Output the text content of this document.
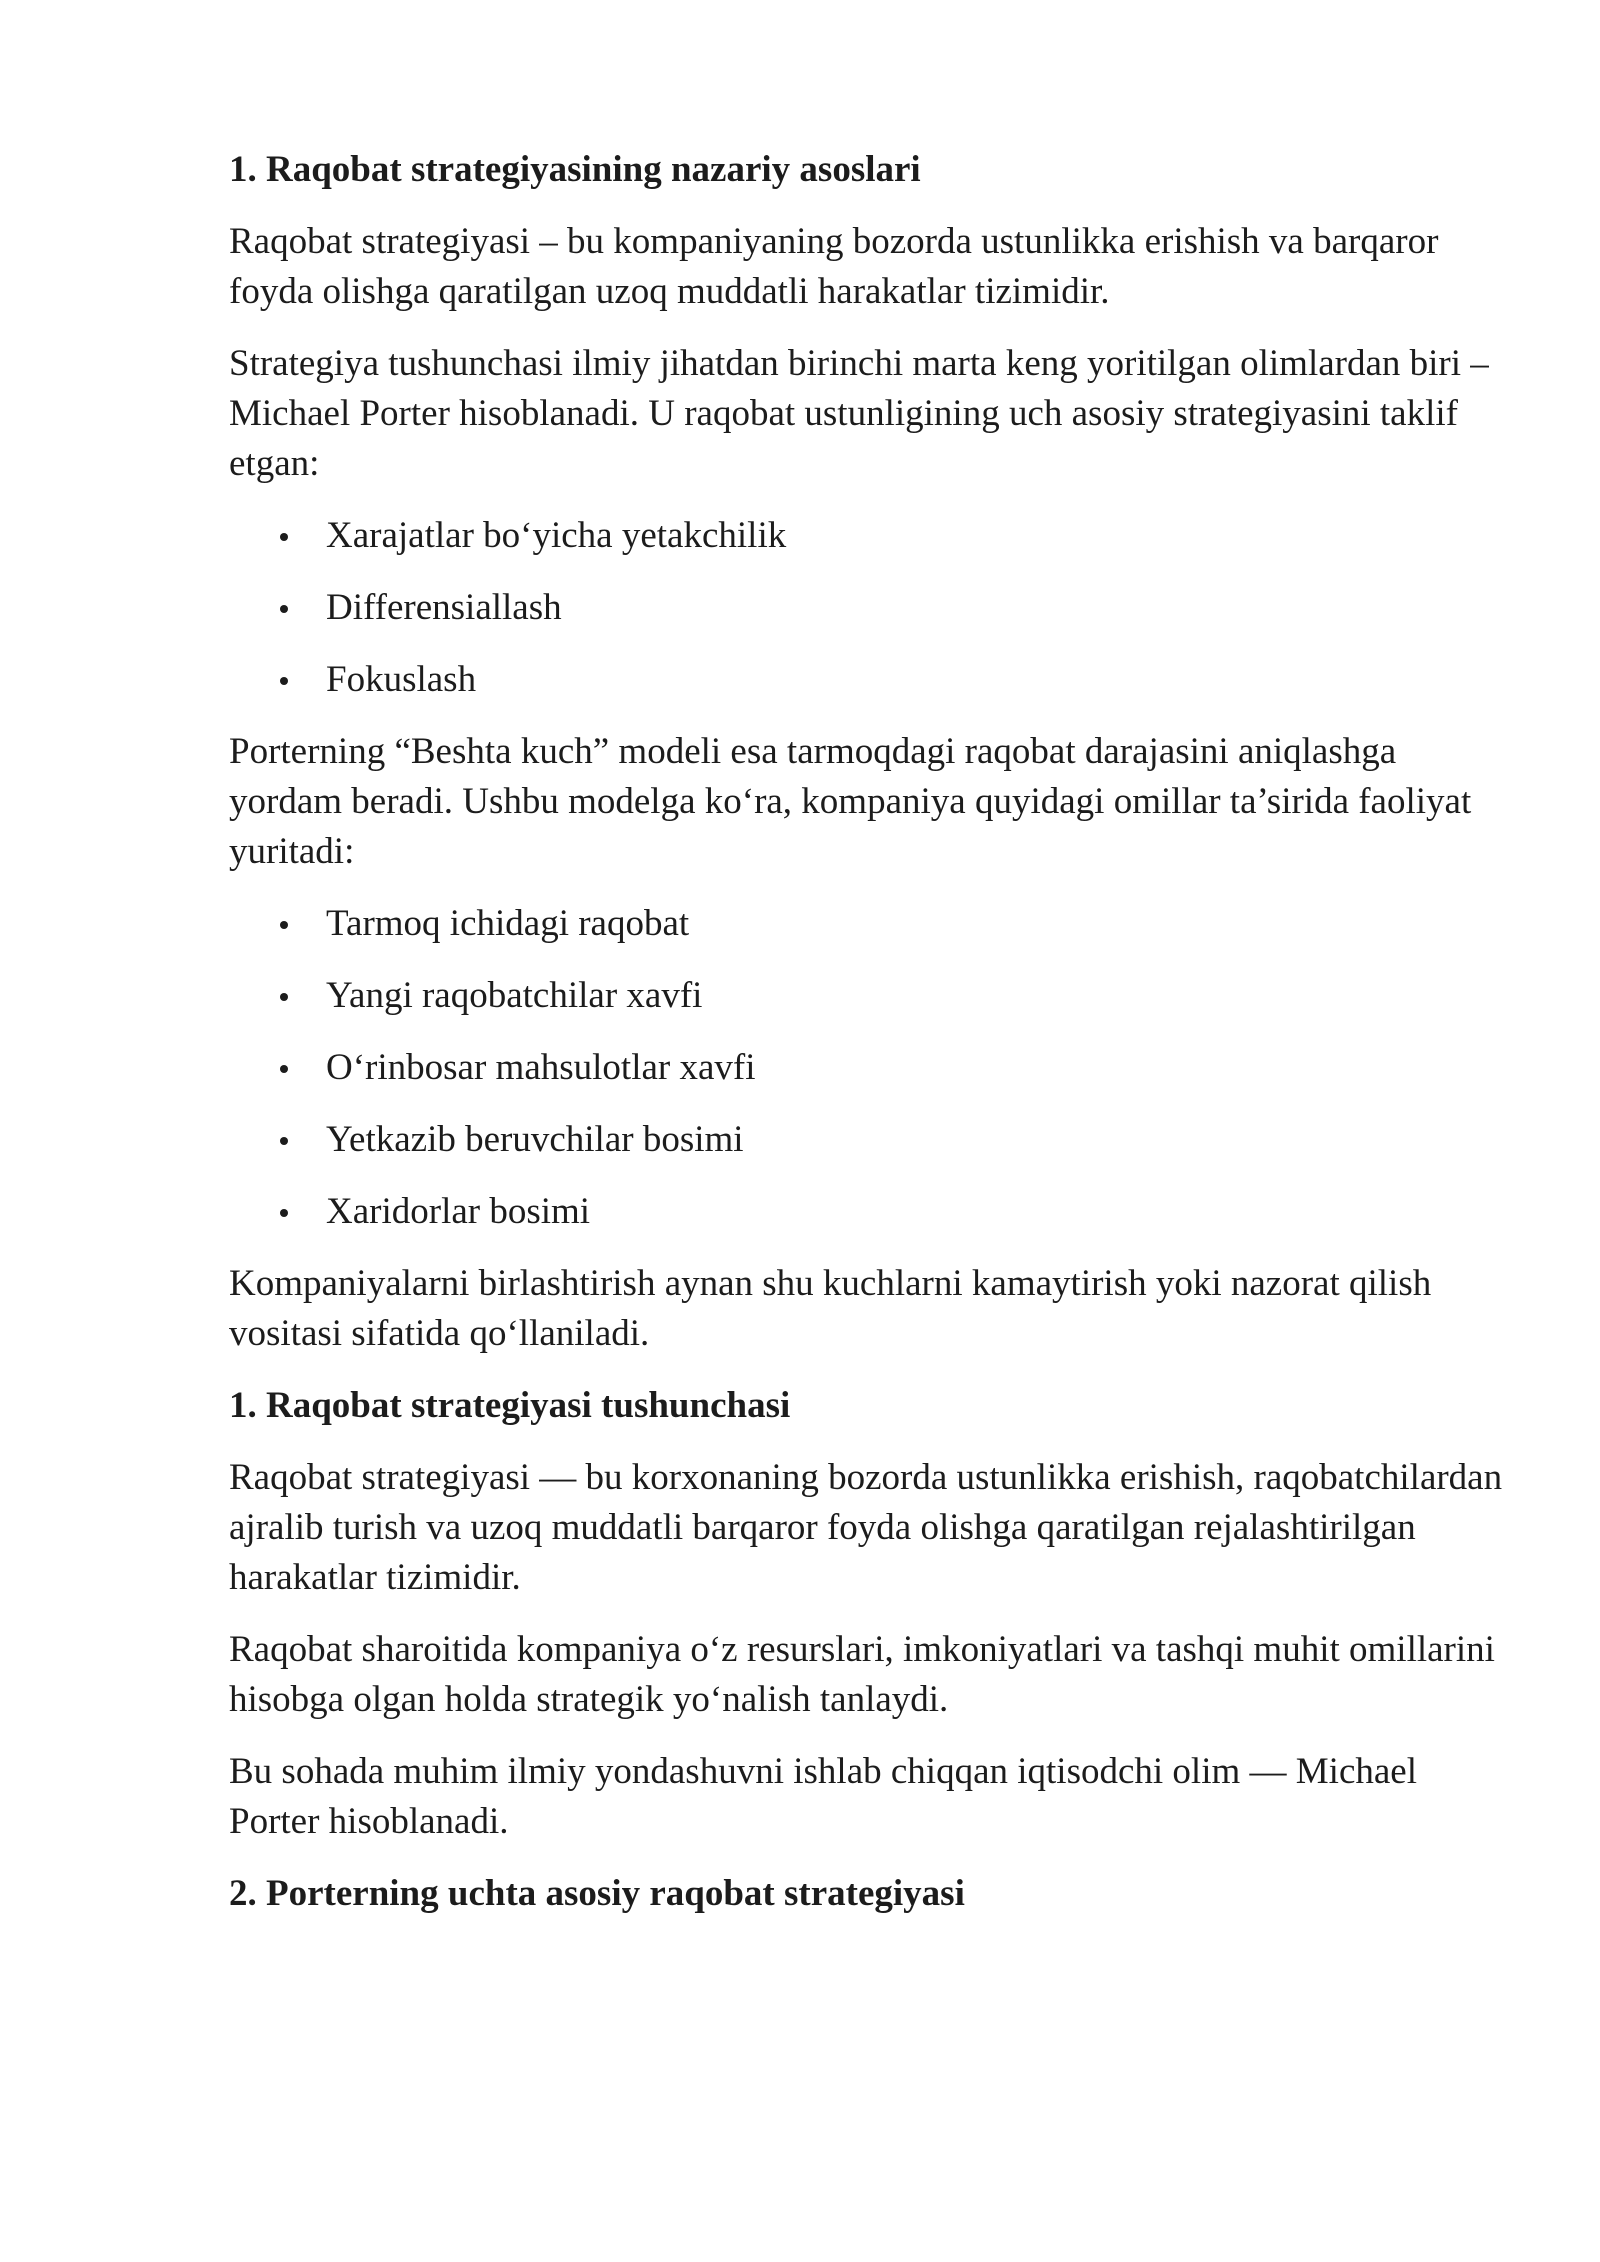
1. Raqobat strategiyasining nazariy asoslari
Raqobat strategiyasi – bu kompaniyaning bozorda ustunlikka erishish va barqaror foyda olishga qaratilgan uzoq muddatli harakatlar tizimidir.
Strategiya tushunchasi ilmiy jihatdan birinchi marta keng yoritilgan olimlardan biri – Michael Porter hisoblanadi. U raqobat ustunligining uch asosiy strategiyasini taklif etgan:
Xarajatlar bo‘yicha yetakchilik
Differensiallash
Fokuslash
Porterning “Beshta kuch” modeli esa tarmoqdagi raqobat darajasini aniqlashga yordam beradi. Ushbu modelga ko‘ra, kompaniya quyidagi omillar ta’sirida faoliyat yuritadi:
Tarmoq ichidagi raqobat
Yangi raqobatchilar xavfi
O‘rinbosar mahsulotlar xavfi
Yetkazib beruvchilar bosimi
Xaridorlar bosimi
Kompaniyalarni birlashtirish aynan shu kuchlarni kamaytirish yoki nazorat qilish vositasi sifatida qo‘llaniladi.
1. Raqobat strategiyasi tushunchasi
Raqobat strategiyasi — bu korxonaning bozorda ustunlikka erishish, raqobatchilardan ajralib turish va uzoq muddatli barqaror foyda olishga qaratilgan rejalashtirilgan harakatlar tizimidir.
Raqobat sharoitida kompaniya o‘z resurslari, imkoniyatlari va tashqi muhit omillarini hisobga olgan holda strategik yo‘nalish tanlaydi.
Bu sohada muhim ilmiy yondashuvni ishlab chiqqan iqtisodchi olim — Michael Porter hisoblanadi.
2. Porterning uchta asosiy raqobat strategiyasi
